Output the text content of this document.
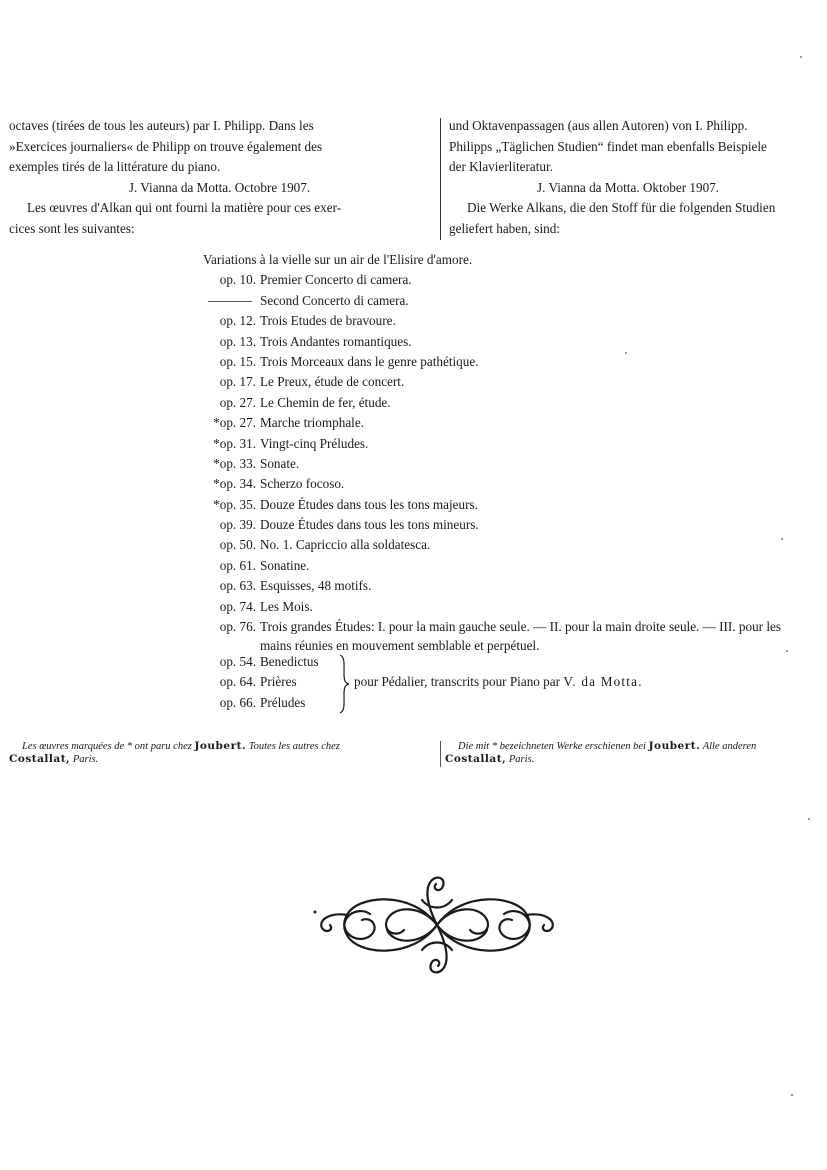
octaves (tirées de tous les auteurs) par I. Philipp. Dans les
»Exercices journaliers« de Philipp on trouve également des
exemples tirés de la littérature du piano.
J. Vianna da Motta. Octobre 1907.
Les œuvres d'Alkan qui ont fourni la matière pour ces exer-
cices sont les suivantes:
und Oktavenpassagen (aus allen Autoren) von I. Philipp.
Philipps „Täglichen Studien“ findet man ebenfalls Beispiele
der Klavierliteratur.
J. Vianna da Motta. Oktober 1907.
Die Werke Alkans, die den Stoff für die folgenden Studien
geliefert haben, sind:
Variations à la vielle sur un air de l'Elisire d'amore.
op. 10. Premier Concerto di camera.
Second Concerto di camera.
op. 12. Trois Etudes de bravoure.
op. 13. Trois Andantes romantiques.
op. 15. Trois Morceaux dans le genre pathétique.
op. 17. Le Preux, étude de concert.
op. 27. Le Chemin de fer, étude.
*op. 27. Marche triomphale.
*op. 31. Vingt-cinq Préludes.
*op. 33. Sonate.
*op. 34. Scherzo focoso.
*op. 35. Douze Études dans tous les tons majeurs.
op. 39. Douze Études dans tous les tons mineurs.
op. 50. No. 1. Capriccio alla soldatesca.
op. 61. Sonatine.
op. 63. Esquisses, 48 motifs.
op. 74. Les Mois.
op. 76. Trois grandes Études: I. pour la main gauche seule. — II. pour la main droite seule. — III. pour les mains réunies en mouvement semblable et perpétuel.
op. 54. Benedictus
op. 64. Prières
op. 66. Préludes
pour Pédalier, transcrits pour Piano par V. da Motta.
Les œuvres marquées de * ont paru chez Joubert. Toutes les autres chez
Costallat, Paris.
Die mit * bezeichneten Werke erschienen bei Joubert. Alle anderen
Costallat, Paris.
